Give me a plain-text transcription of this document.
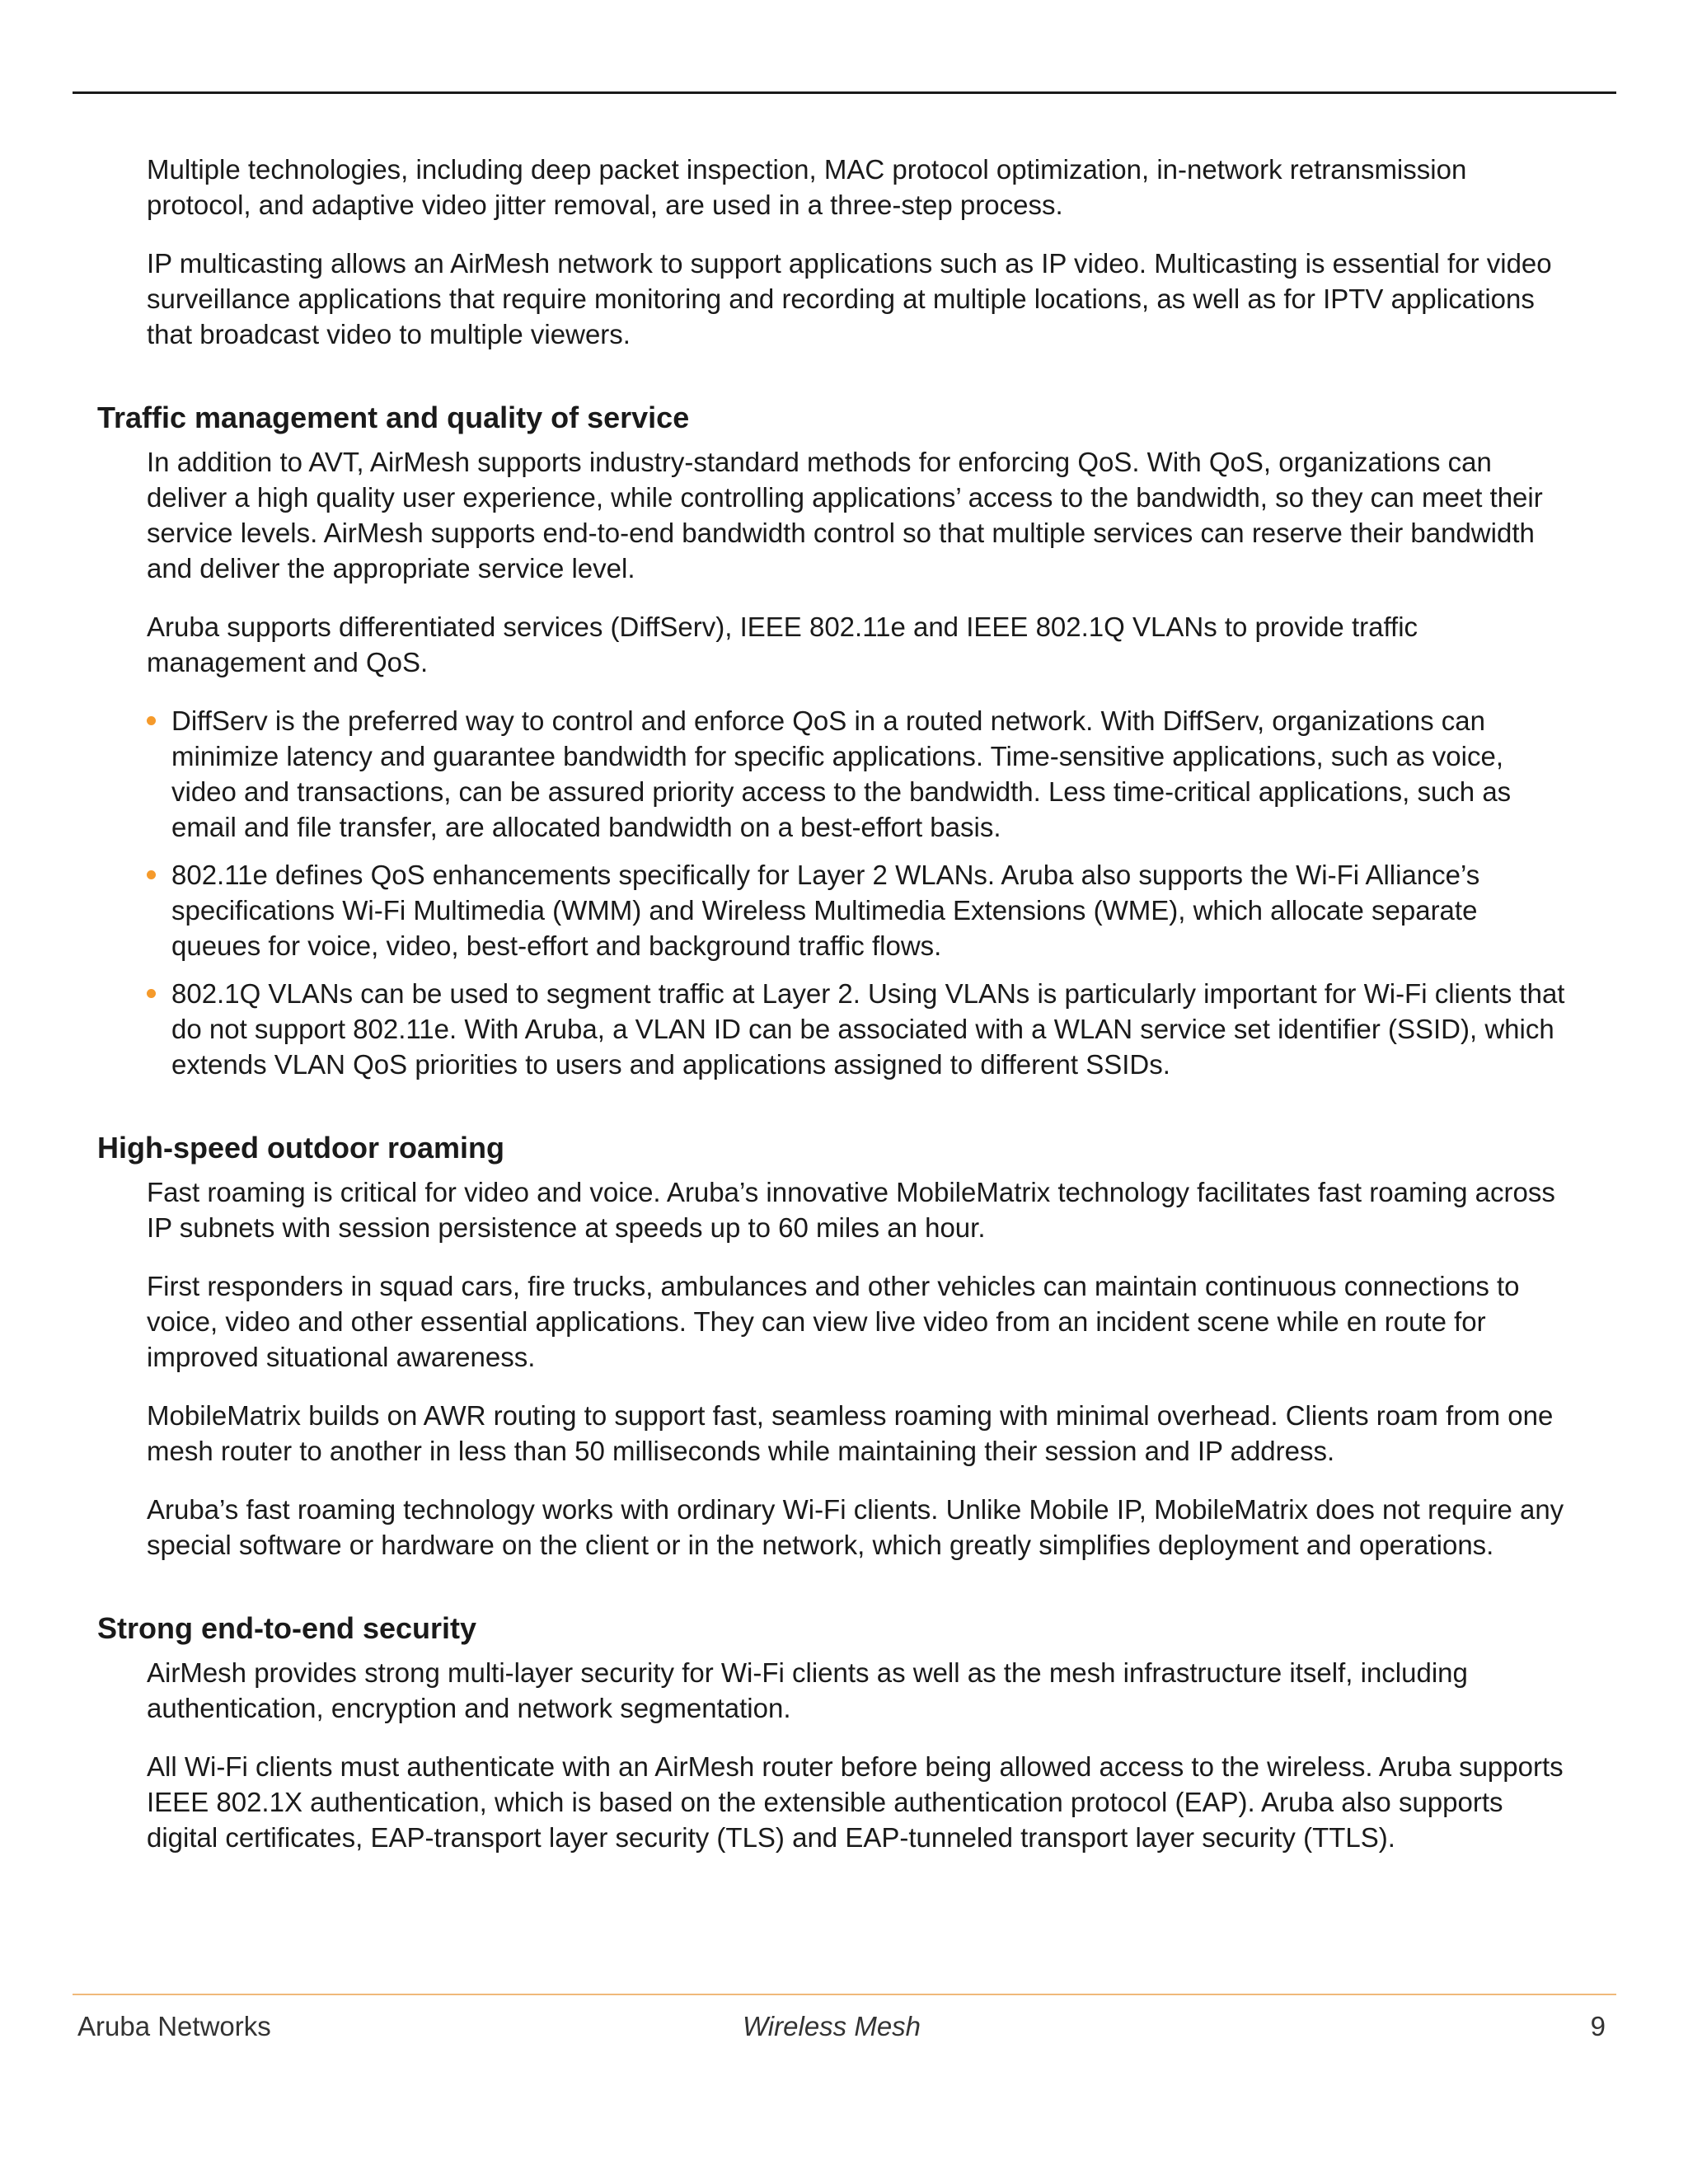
Multiple technologies, including deep packet inspection, MAC protocol optimization, in-network retransmission protocol, and adaptive video jitter removal, are used in a three-step process.

IP multicasting allows an AirMesh network to support applications such as IP video. Multicasting is essential for video surveillance applications that require monitoring and recording at multiple locations, as well as for IPTV applications that broadcast video to multiple viewers.

Traffic management and quality of service

In addition to AVT, AirMesh supports industry-standard methods for enforcing QoS. With QoS, organizations can deliver a high quality user experience, while controlling applications’ access to the bandwidth, so they can meet their service levels. AirMesh supports end-to-end bandwidth control so that multiple services can reserve their bandwidth and deliver the appropriate service level.

Aruba supports differentiated services (DiffServ), IEEE 802.11e and IEEE 802.1Q VLANs to provide traffic management and QoS.

DiffServ is the preferred way to control and enforce QoS in a routed network. With DiffServ, organizations can minimize latency and guarantee bandwidth for specific applications. Time-sensitive applications, such as voice, video and transactions, can be assured priority access to the bandwidth. Less time-critical applications, such as email and file transfer, are allocated bandwidth on a best-effort basis.
802.11e defines QoS enhancements specifically for Layer 2 WLANs. Aruba also supports the Wi-Fi Alliance’s specifications Wi-Fi Multimedia (WMM) and Wireless Multimedia Extensions (WME), which allocate separate queues for voice, video, best-effort and background traffic flows.
802.1Q VLANs can be used to segment traffic at Layer 2. Using VLANs is particularly important for Wi-Fi clients that do not support 802.11e. With Aruba, a VLAN ID can be associated with a WLAN service set identifier (SSID), which extends VLAN QoS priorities to users and applications assigned to different SSIDs.
High-speed outdoor roaming

Fast roaming is critical for video and voice. Aruba’s innovative MobileMatrix technology facilitates fast roaming across IP subnets with session persistence at speeds up to 60 miles an hour.

First responders in squad cars, fire trucks, ambulances and other vehicles can maintain continuous connections to voice, video and other essential applications. They can view live video from an incident scene while en route for improved situational awareness.

MobileMatrix builds on AWR routing to support fast, seamless roaming with minimal overhead. Clients roam from one mesh router to another in less than 50 milliseconds while maintaining their session and IP address.

Aruba’s fast roaming technology works with ordinary Wi-Fi clients. Unlike Mobile IP, MobileMatrix does not require any special software or hardware on the client or in the network, which greatly simplifies deployment and operations.

Strong end-to-end security

AirMesh provides strong multi-layer security for Wi-Fi clients as well as the mesh infrastructure itself, including authentication, encryption and network segmentation.

All Wi-Fi clients must authenticate with an AirMesh router before being allowed access to the wireless. Aruba supports IEEE 802.1X authentication, which is based on the extensible authentication protocol (EAP). Aruba also supports digital certificates, EAP-transport layer security (TLS) and EAP-tunneled transport layer security (TTLS).

Aruba Networks	Wireless Mesh	9
